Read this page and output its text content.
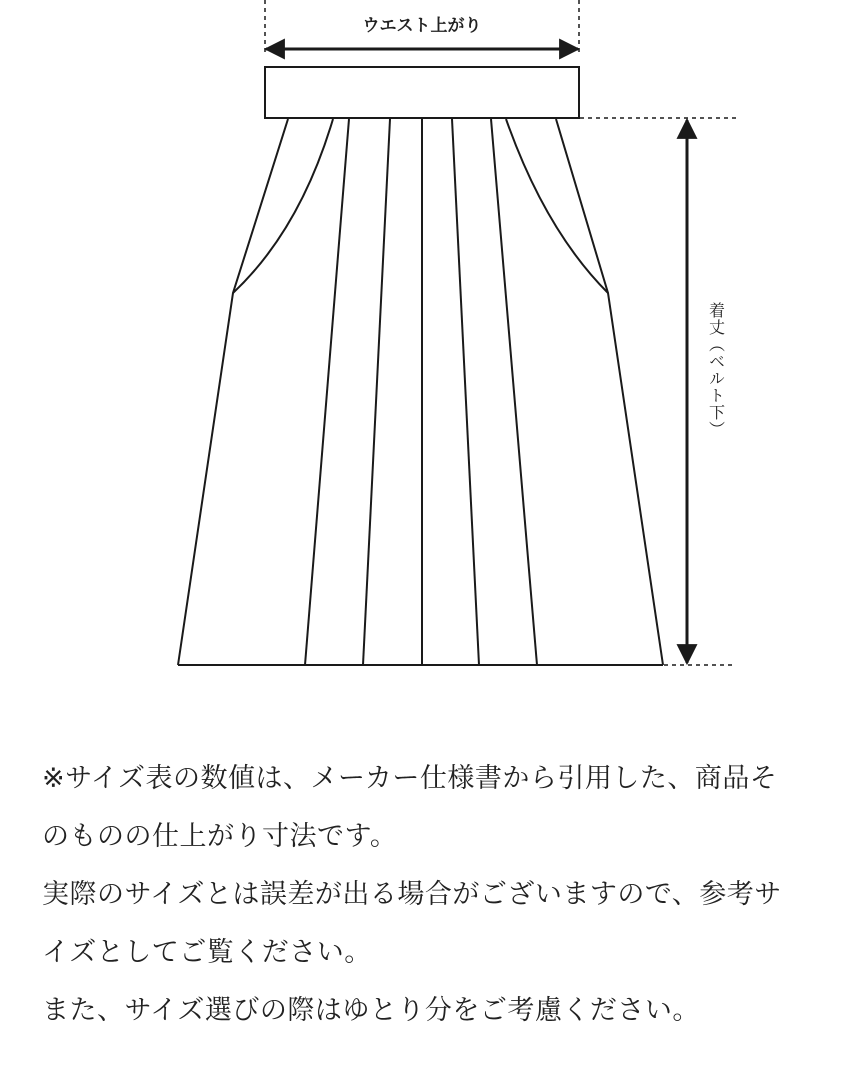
ウエスト上がり
着丈（ベルト下）

※サイズ表の数値は、メーカー仕様書から引用した、商品そ

のものの仕上がり寸法です。

実際のサイズとは誤差が出る場合がございますので、参考サ

イズとしてご覧ください。

また、サイズ選びの際はゆとり分をご考慮ください。
